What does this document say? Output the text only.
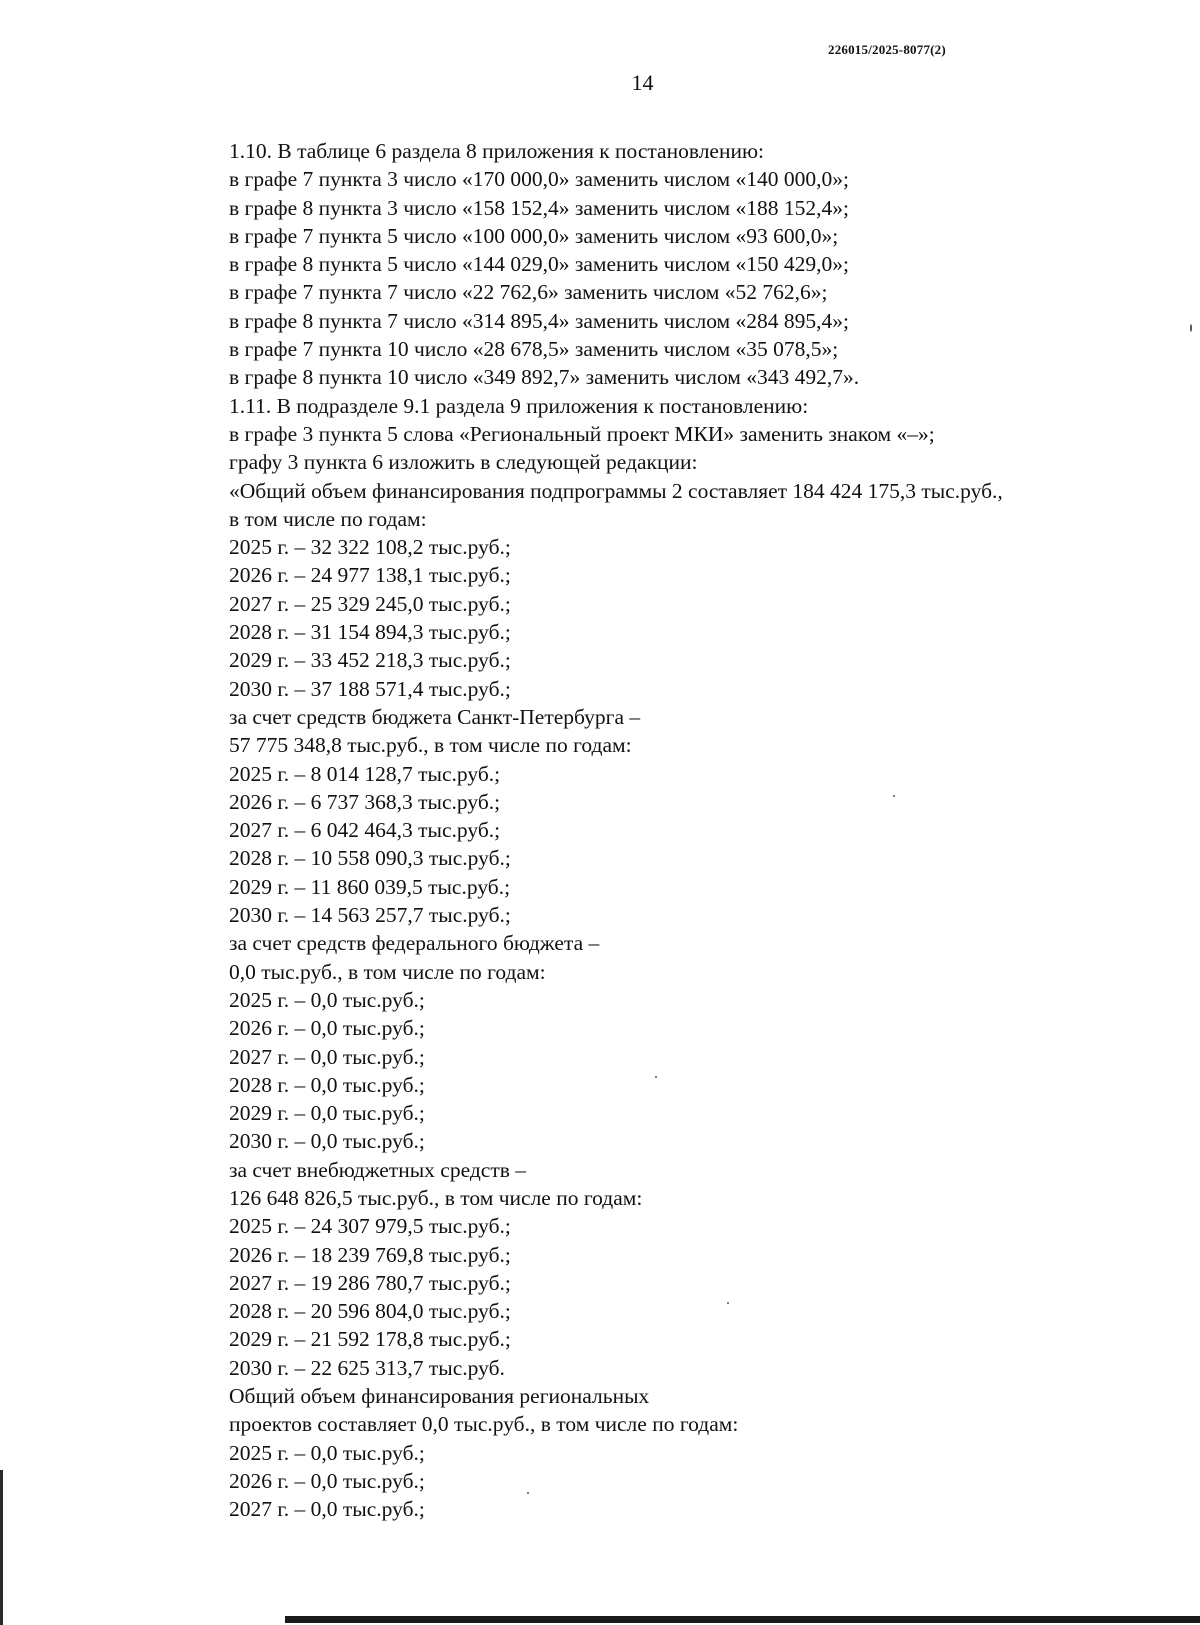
226015/2025-8077(2)
14
1.10. В таблице 6 раздела 8 приложения к постановлению:
в графе 7 пункта 3 число «170 000,0» заменить числом «140 000,0»;
в графе 8 пункта 3 число «158 152,4» заменить числом «188 152,4»;
в графе 7 пункта 5 число «100 000,0» заменить числом «93 600,0»;
в графе 8 пункта 5 число «144 029,0» заменить числом «150 429,0»;
в графе 7 пункта 7 число «22 762,6» заменить числом «52 762,6»;
в графе 8 пункта 7 число «314 895,4» заменить числом «284 895,4»;
в графе 7 пункта 10 число «28 678,5» заменить числом «35 078,5»;
в графе 8 пункта 10 число «349 892,7» заменить числом «343 492,7».
1.11. В подразделе 9.1 раздела 9 приложения к постановлению:
в графе 3 пункта 5 слова «Региональный проект МКИ» заменить знаком «–»;
графу 3 пункта 6 изложить в следующей редакции:
«Общий объем финансирования подпрограммы 2 составляет 184 424 175,3 тыс.руб.,
в том числе по годам:
2025 г. – 32 322 108,2 тыс.руб.;
2026 г. – 24 977 138,1 тыс.руб.;
2027 г. – 25 329 245,0 тыс.руб.;
2028 г. – 31 154 894,3 тыс.руб.;
2029 г. – 33 452 218,3 тыс.руб.;
2030 г. – 37 188 571,4 тыс.руб.;
за счет средств бюджета Санкт-Петербурга –
57 775 348,8 тыс.руб., в том числе по годам:
2025 г. – 8 014 128,7 тыс.руб.;
2026 г. – 6 737 368,3 тыс.руб.;
2027 г. – 6 042 464,3 тыс.руб.;
2028 г. – 10 558 090,3 тыс.руб.;
2029 г. – 11 860 039,5 тыс.руб.;
2030 г. – 14 563 257,7 тыс.руб.;
за счет средств федерального бюджета –
0,0 тыс.руб., в том числе по годам:
2025 г. – 0,0 тыс.руб.;
2026 г. – 0,0 тыс.руб.;
2027 г. – 0,0 тыс.руб.;
2028 г. – 0,0 тыс.руб.;
2029 г. – 0,0 тыс.руб.;
2030 г. – 0,0 тыс.руб.;
за счет внебюджетных средств –
126 648 826,5 тыс.руб., в том числе по годам:
2025 г. – 24 307 979,5 тыс.руб.;
2026 г. – 18 239 769,8 тыс.руб.;
2027 г. – 19 286 780,7 тыс.руб.;
2028 г. – 20 596 804,0 тыс.руб.;
2029 г. – 21 592 178,8 тыс.руб.;
2030 г. – 22 625 313,7 тыс.руб.
Общий объем финансирования региональных
проектов составляет 0,0 тыс.руб., в том числе по годам:
2025 г. – 0,0 тыс.руб.;
2026 г. – 0,0 тыс.руб.;
2027 г. – 0,0 тыс.руб.;
